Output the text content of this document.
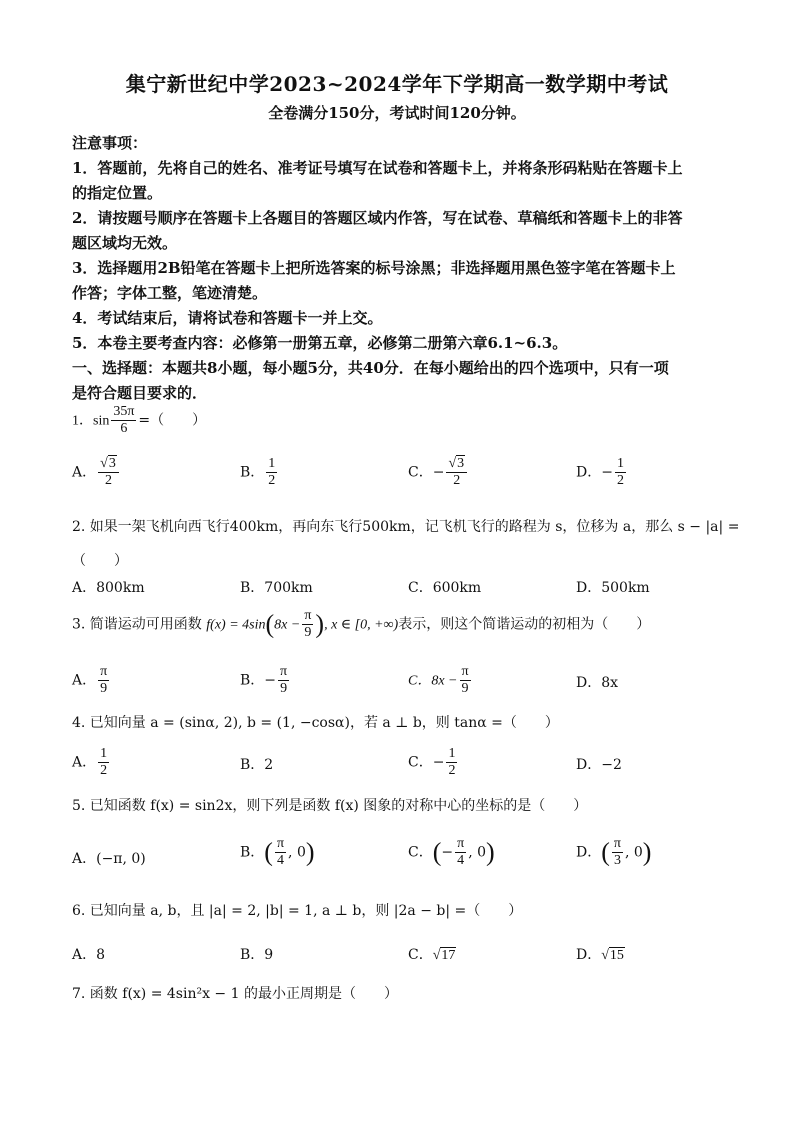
集宁新世纪中学2023~2024学年下学期高一数学期中考试
全卷满分150分，考试时间120分钟。
注意事项：
1．答题前，先将自己的姓名、准考证号填写在试卷和答题卡上，并将条形码粘贴在答题卡上
的指定位置。
2．请按题号顺序在答题卡上各题目的答题区域内作答，写在试卷、草稿纸和答题卡上的非答
题区域均无效。
3．选择题用2B铅笔在答题卡上把所选答案的标号涂黑；非选择题用黑色签字笔在答题卡上
作答；字体工整，笔迹清楚。
4．考试结束后，请将试卷和答题卡一并上交。
5．本卷主要考查内容：必修第一册第五章，必修第二册第六章6.1~6.3。
一、选择题：本题共8小题，每小题5分，共40分．在每小题给出的四个选项中，只有一项
是符合题目要求的．
1．$\sin \frac{35\pi}{6}$ =（　　）
A． $\frac{√3}{2}$	B． $\frac{1}{2}$	C．− $\frac{√3}{2}$	D．− $\frac{1}{2}$
2. 如果一架飞机向西飞行400km，再向东飞行500km，记飞机飞行的路程为 s，位移为 a，那么 s − |a| =
（　　）
A．800km	B．700km	C．600km	D．500km
3. 简谐运动可用函数 $f(x) = 4\sin(8x - \frac{\pi}{9}$ ), x ∈ [0, +∞)表示，则这个简谐运动的初相为（　　）
A． $\frac{\pi}{9}$	B．− $\frac{\pi}{9}$	C．$8x - \frac{\pi}{9}$	D．8x
4. 已知向量 a = (sinα, 2), b = (1, −cosα)，若 a ⊥ b，则 tanα =（　　）
A． $\frac{1}{2}$	B．2	C．− $\frac{1}{2}$	D．−2
5. 已知函数 f(x) = sin2x，则下列是函数 f(x) 图象的对称中心的坐标的是（　　）
A．(−π, 0)	B．( $\frac{\pi}{4}$ , 0)	C．(− $\frac{\pi}{4}$ , 0)	D．( $\frac{\pi}{3}$ , 0)
6. 已知向量 a, b，且 |a| = 2, |b| = 1, a ⊥ b，则 |2a − b| =（　　）
A．8	B．9	C．√17	D．√15
7. 函数 f(x) = 4sin²x − 1 的最小正周期是（　　）
